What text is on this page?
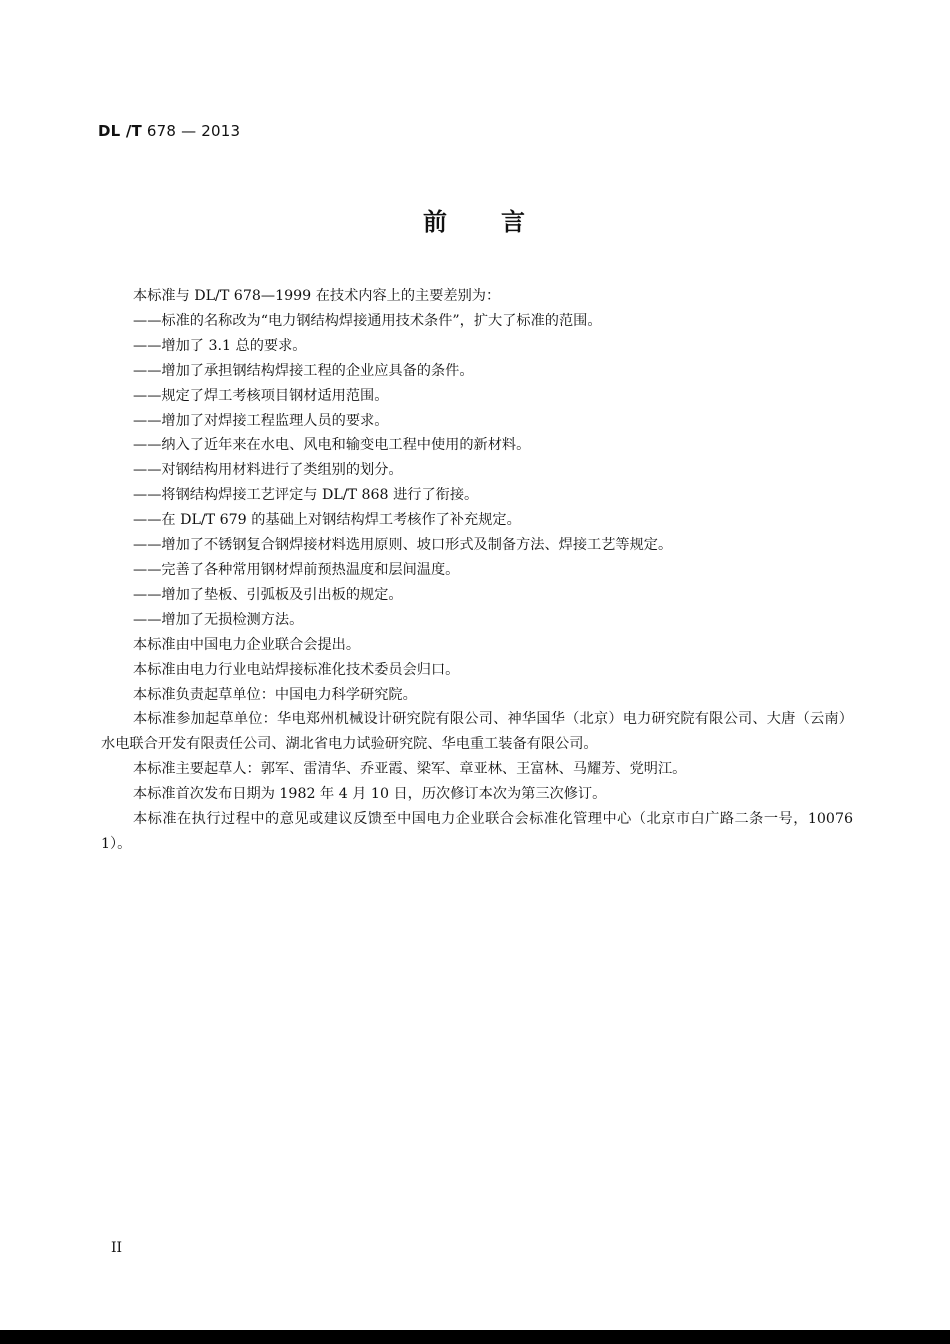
DL /T 678 — 2013
前　　言

本标准与 DL/T 678—1999 在技术内容上的主要差别为：

——标准的名称改为“电力钢结构焊接通用技术条件”，扩大了标准的范围。

——增加了 3.1 总的要求。

——增加了承担钢结构焊接工程的企业应具备的条件。

——规定了焊工考核项目钢材适用范围。

——增加了对焊接工程监理人员的要求。

——纳入了近年来在水电、风电和输变电工程中使用的新材料。

——对钢结构用材料进行了类组别的划分。

——将钢结构焊接工艺评定与 DL/T 868 进行了衔接。

——在 DL/T 679 的基础上对钢结构焊工考核作了补充规定。

——增加了不锈钢复合钢焊接材料选用原则、坡口形式及制备方法、焊接工艺等规定。

——完善了各种常用钢材焊前预热温度和层间温度。

——增加了垫板、引弧板及引出板的规定。

——增加了无损检测方法。

本标准由中国电力企业联合会提出。

本标准由电力行业电站焊接标准化技术委员会归口。

本标准负责起草单位：中国电力科学研究院。

本标准参加起草单位：华电郑州机械设计研究院有限公司、神华国华（北京）电力研究院有限公司、大唐（云南）水电联合开发有限责任公司、湖北省电力试验研究院、华电重工装备有限公司。

本标准主要起草人：郭军、雷清华、乔亚霞、梁军、章亚林、王富林、马耀芳、党明江。

本标准首次发布日期为 1982 年 4 月 10 日，历次修订本次为第三次修订。

本标准在执行过程中的意见或建议反馈至中国电力企业联合会标准化管理中心（北京市白广路二条一号，100761）。

II
